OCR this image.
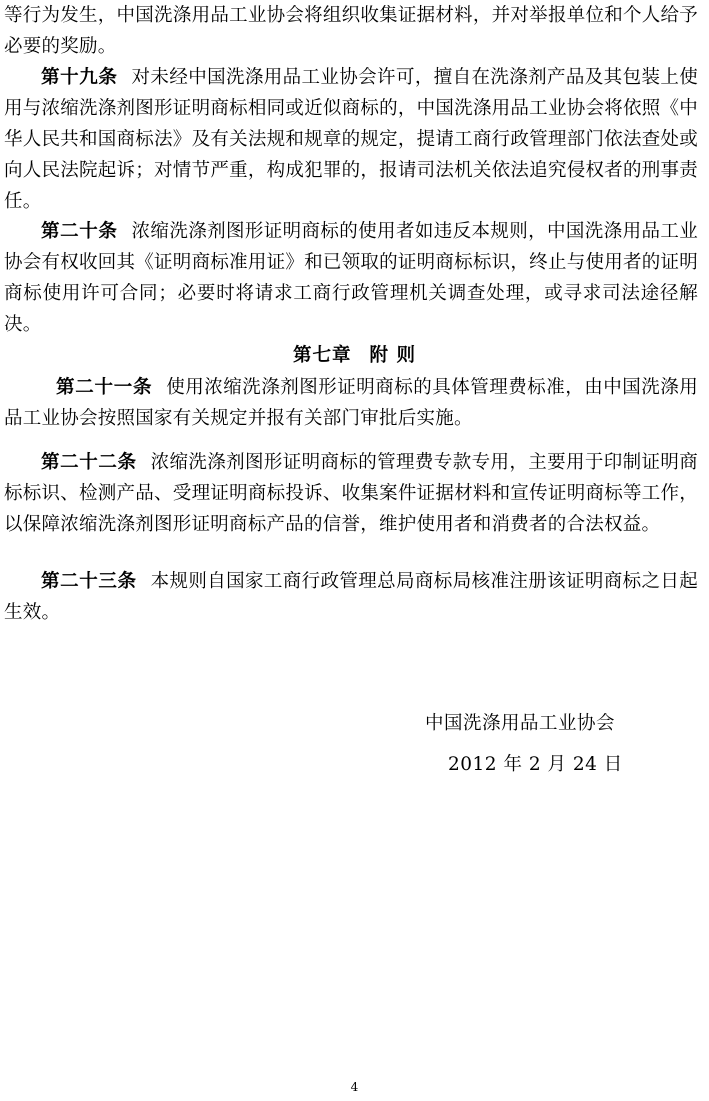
等行为发生，中国洗涤用品工业协会将组织收集证据材料，并对举报单位和个人给予必要的奖励。

第十九条 对未经中国洗涤用品工业协会许可，擅自在洗涤剂产品及其包装上使用与浓缩洗涤剂图形证明商标相同或近似商标的，中国洗涤用品工业协会将依照《中华人民共和国商标法》及有关法规和规章的规定，提请工商行政管理部门依法查处或向人民法院起诉；对情节严重，构成犯罪的，报请司法机关依法追究侵权者的刑事责任。

第二十条 浓缩洗涤剂图形证明商标的使用者如违反本规则，中国洗涤用品工业协会有权收回其《证明商标准用证》和已领取的证明商标标识，终止与使用者的证明商标使用许可合同；必要时将请求工商行政管理机关调查处理，或寻求司法途径解决。

第七章 附 则

第二十一条 使用浓缩洗涤剂图形证明商标的具体管理费标准，由中国洗涤用品工业协会按照国家有关规定并报有关部门审批后实施。

第二十二条 浓缩洗涤剂图形证明商标的管理费专款专用，主要用于印制证明商标标识、检测产品、受理证明商标投诉、收集案件证据材料和宣传证明商标等工作，以保障浓缩洗涤剂图形证明商标产品的信誉，维护使用者和消费者的合法权益。

第二十三条 本规则自国家工商行政管理总局商标局核准注册该证明商标之日起生效。

中国洗涤用品工业协会
2012 年 2 月 24 日
4
